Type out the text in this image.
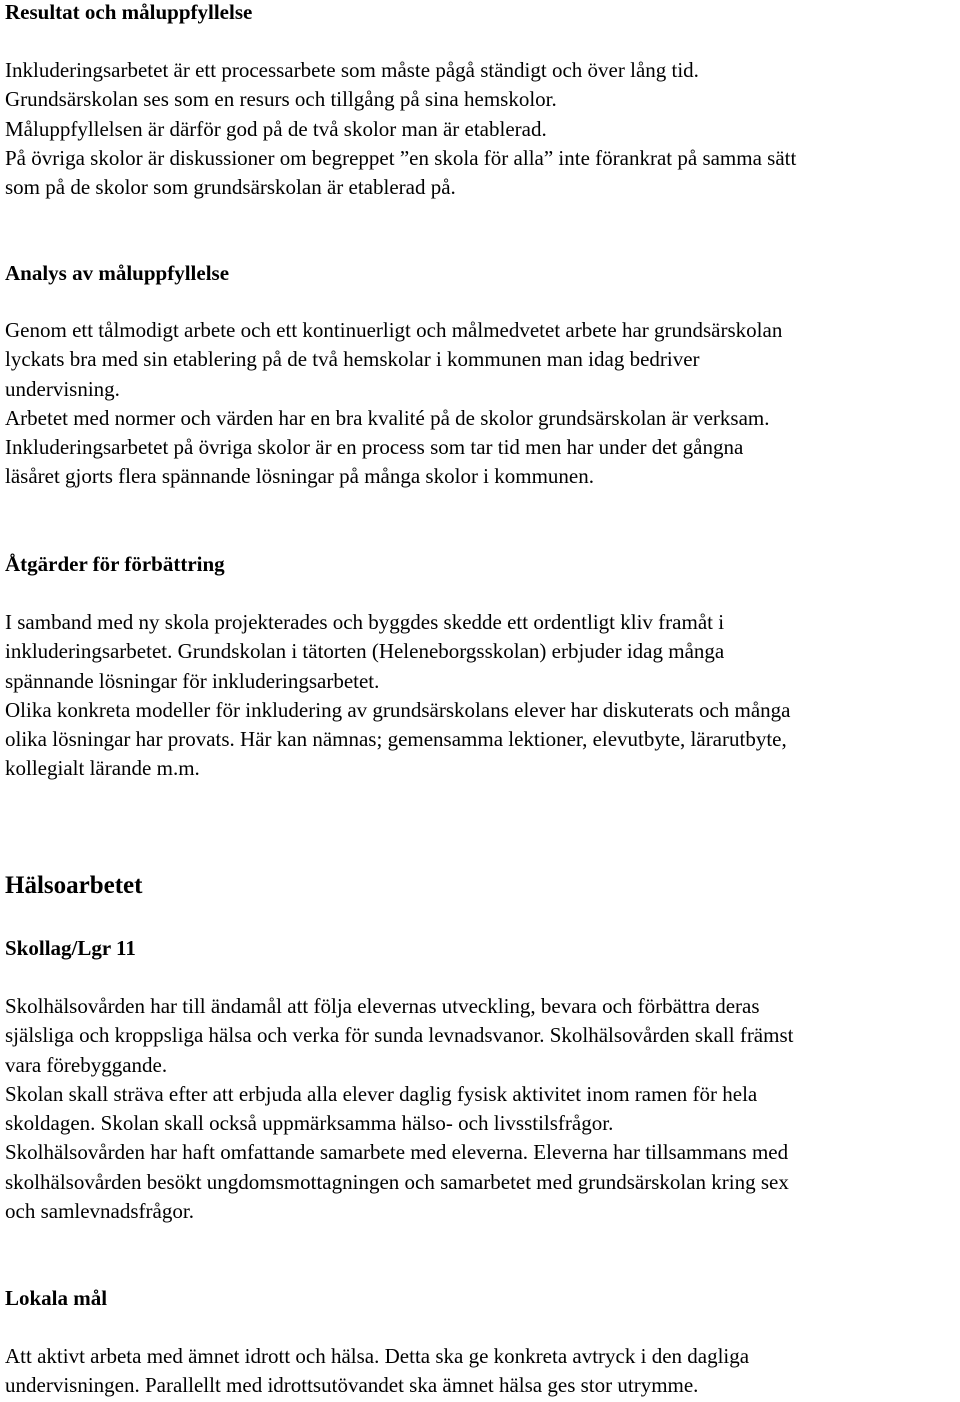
Resultat och måluppfyllelse
Inkluderingsarbetet är ett processarbete som måste pågå ständigt och över lång tid.
Grundsärskolan ses som en resurs och tillgång på sina hemskolor.
Måluppfyllelsen är därför god på de två skolor man är etablerad.
På övriga skolor är diskussioner om begreppet ”en skola för alla” inte förankrat på samma sätt
som på de skolor som grundsärskolan är etablerad på.
Analys av måluppfyllelse
Genom ett tålmodigt arbete och ett kontinuerligt och målmedvetet arbete har grundsärskolan
lyckats bra med sin etablering på de två hemskolar i kommunen man idag bedriver
undervisning.
Arbetet med normer och värden har en bra kvalité på de skolor grundsärskolan är verksam.
Inkluderingsarbetet på övriga skolor är en process som tar tid men har under det gångna
läsåret gjorts flera spännande lösningar på många skolor i kommunen.
Åtgärder för förbättring
I samband med ny skola projekterades och byggdes skedde ett ordentligt kliv framåt i
inkluderingsarbetet. Grundskolan i tätorten (Heleneborgsskolan) erbjuder idag många
spännande lösningar för inkluderingsarbetet.
Olika konkreta modeller för inkludering av grundsärskolans elever har diskuterats och många
olika lösningar har provats. Här kan nämnas; gemensamma lektioner, elevutbyte, lärarutbyte,
kollegialt lärande m.m.
Hälsoarbetet
Skollag/Lgr 11
Skolhälsovården har till ändamål att följa elevernas utveckling, bevara och förbättra deras
själsliga och kroppsliga hälsa och verka för sunda levnadsvanor. Skolhälsovården skall främst
vara förebyggande.
Skolan skall sträva efter att erbjuda alla elever daglig fysisk aktivitet inom ramen för hela
skoldagen. Skolan skall också uppmärksamma hälso- och livsstilsfrågor.
Skolhälsovården har haft omfattande samarbete med eleverna. Eleverna har tillsammans med
skolhälsovården besökt ungdomsmottagningen och samarbetet med grundsärskolan kring sex
och samlevnadsfrågor.
Lokala mål
Att aktivt arbeta med ämnet idrott och hälsa. Detta ska ge konkreta avtryck i den dagliga
undervisningen. Parallellt med idrottsutövandet ska ämnet hälsa ges stor utrymme.
